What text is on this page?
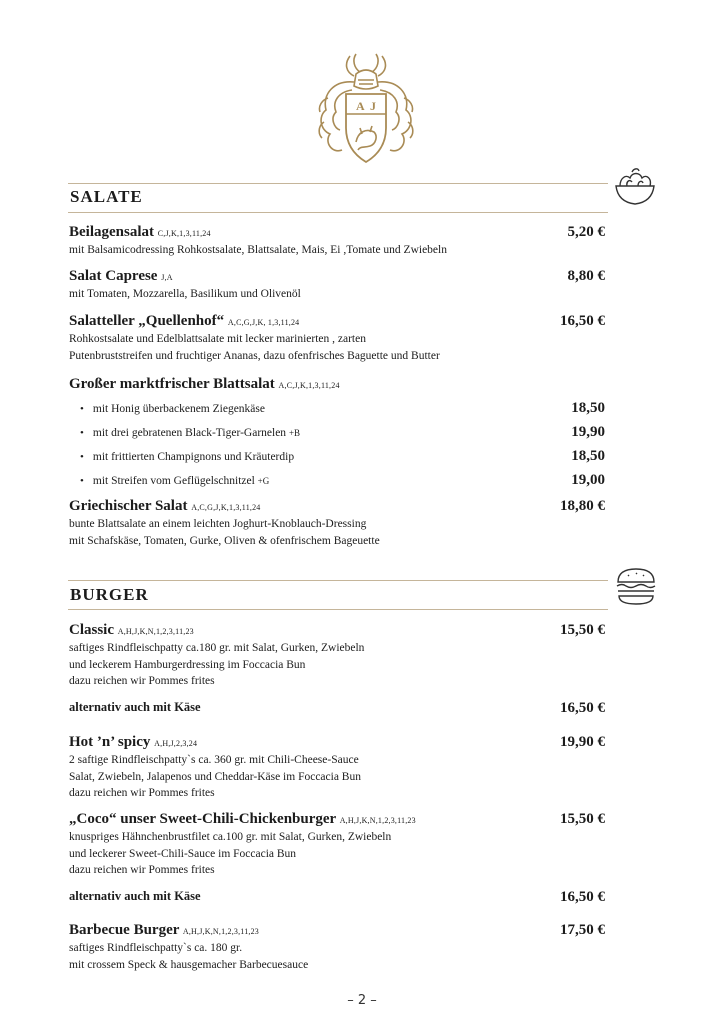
A J
SALATE
Beilagensalat C,J,K,1,3,11,24	5,20 €
mit Balsamicodressing Rohkostsalate, Blattsalate, Mais, Ei ,Tomate und Zwiebeln
Salat Caprese J,A	8,80 €
mit Tomaten, Mozzarella, Basilikum und Olivenöl
Salatteller „Quellenhof“ A,C,G,J,K, 1,3,11,24	16,50 €
Rohkostsalate und Edelblattsalate mit lecker marinierten , zarten
Putenbruststreifen und fruchtiger Ananas, dazu ofenfrisches Baguette und Butter
Großer marktfrischer Blattsalat A,C,J,K,1,3,11,24
• mit Honig überbackenem Ziegenkäse	18,50
• mit drei gebratenen Black-Tiger-Garnelen +B	19,90
• mit frittierten Champignons und Kräuterdip	18,50
• mit Streifen vom Geflügelschnitzel +G	19,00
Griechischer Salat A,C,G,J,K,1,3,11,24	18,80 €
bunte Blattsalate an einem leichten Joghurt-Knoblauch-Dressing
mit Schafskäse, Tomaten, Gurke, Oliven & ofenfrischem Bageuette
BURGER
Classic A,H,J,K,N,1,2,3,11,23	15,50 €
saftiges Rindfleischpatty ca.180 gr. mit Salat, Gurken, Zwiebeln
und leckerem Hamburgerdressing im Foccacia Bun
dazu reichen wir Pommes frites
alternativ auch mit Käse	16,50 €
Hot ’n’ spicy A,H,J,2,3,24	19,90 €
2 saftige Rindfleischpatty`s ca. 360 gr. mit Chili-Cheese-Sauce
Salat, Zwiebeln, Jalapenos und Cheddar-Käse im Foccacia Bun
dazu reichen wir Pommes frites
„Coco“ unser Sweet-Chili-Chickenburger A,H,J,K,N,1,2,3,11,23	15,50 €
knuspriges Hähnchenbrustfilet ca.100 gr. mit Salat, Gurken, Zwiebeln
und leckerer Sweet-Chili-Sauce im Foccacia Bun
dazu reichen wir Pommes frites
alternativ auch mit Käse	16,50 €
Barbecue Burger A,H,J,K,N,1,2,3,11,23	17,50 €
saftiges Rindfleischpatty`s ca. 180 gr.
mit crossem Speck & hausgemacher Barbecuesauce
– 2 –
